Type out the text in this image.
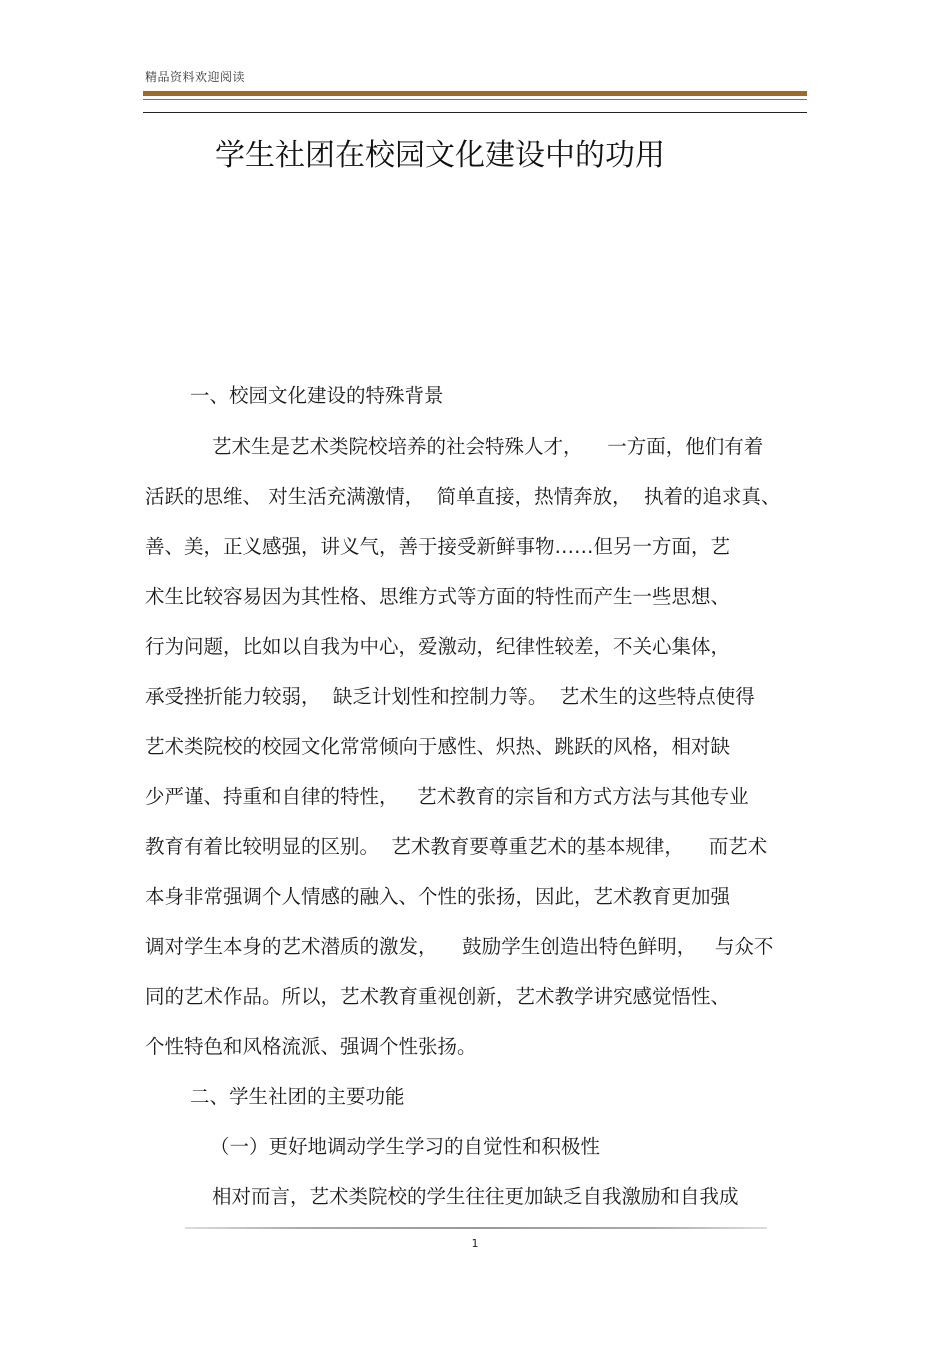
精品资料欢迎阅读
学生社团在校园文化建设中的功用
一、校园文化建设的特殊背景
艺术生是艺术类院校培养的社会特殊人才，    一方面，他们有着
活跃的思维、 对生活充满激情，  简单直接，热情奔放，  执着的追求真、
善、美，正义感强，讲义气，善于接受新鲜事物……但另一方面，艺
术生比较容易因为其性格、思维方式等方面的特性而产生一些思想、
行为问题，比如以自我为中心，爱激动，纪律性较差，不关心集体，
承受挫折能力较弱，  缺乏计划性和控制力等。  艺术生的这些特点使得
艺术类院校的校园文化常常倾向于感性、炽热、跳跃的风格，相对缺
少严谨、持重和自律的特性，   艺术教育的宗旨和方式方法与其他专业
教育有着比较明显的区别。  艺术教育要尊重艺术的基本规律，    而艺术
本身非常强调个人情感的融入、个性的张扬，因此，艺术教育更加强
调对学生本身的艺术潜质的激发，    鼓励学生创造出特色鲜明，   与众不
同的艺术作品。所以，艺术教育重视创新，艺术教学讲究感觉悟性、
个性特色和风格流派、强调个性张扬。
二、学生社团的主要功能
（一）更好地调动学生学习的自觉性和积极性
相对而言，艺术类院校的学生往往更加缺乏自我激励和自我成
1
